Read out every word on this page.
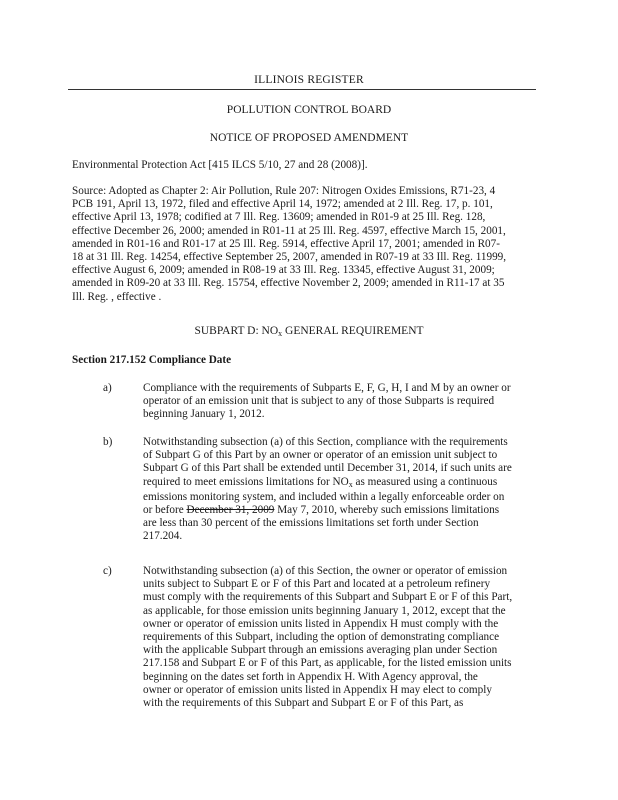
ILLINOIS REGISTER
POLLUTION CONTROL BOARD
NOTICE OF PROPOSED AMENDMENT
Environmental Protection Act [415 ILCS 5/10, 27 and 28 (2008)].
Source: Adopted as Chapter 2: Air Pollution, Rule 207: Nitrogen Oxides Emissions, R71-23, 4
PCB 191, April 13, 1972, filed and effective April 14, 1972; amended at 2 Ill. Reg. 17, p. 101,
effective April 13, 1978; codified at 7 Ill. Reg. 13609; amended in R01-9 at 25 Ill. Reg. 128,
effective December 26, 2000; amended in R01-11 at 25 Ill. Reg. 4597, effective March 15, 2001,
amended in R01-16 and R01-17 at 25 Ill. Reg. 5914, effective April 17, 2001; amended in R07-
18 at 31 Ill. Reg. 14254, effective September 25, 2007, amended in R07-19 at 33 Ill. Reg. 11999,
effective August 6, 2009; amended in R08-19 at 33 Ill. Reg. 13345, effective August 31, 2009;
amended in R09-20 at 33 Ill. Reg. 15754, effective November 2, 2009; amended in R11-17 at 35
Ill. Reg. , effective .
SUBPART D: $NO_x$ GENERAL REQUIREMENT
Section 217.152 Compliance Date
a)	Compliance with the requirements of Subparts E, F, G, H, I and M by an owner or
operator of an emission unit that is subject to any of those Subparts is required
beginning January 1, 2012.
b)	Notwithstanding subsection (a) of this Section, compliance with the requirements
of Subpart G of this Part by an owner or operator of an emission unit subject to
Subpart G of this Part shall be extended until December 31, 2014, if such units are
required to meet emissions limitations for $NO_x$ as measured using a continuous
emissions monitoring system, and included within a legally enforceable order on
or before December 31, 2009 May 7, 2010, whereby such emissions limitations
are less than 30 percent of the emissions limitations set forth under Section
217.204.
c)	Notwithstanding subsection (a) of this Section, the owner or operator of emission
units subject to Subpart E or F of this Part and located at a petroleum refinery
must comply with the requirements of this Subpart and Subpart E or F of this Part,
as applicable, for those emission units beginning January 1, 2012, except that the
owner or operator of emission units listed in Appendix H must comply with the
requirements of this Subpart, including the option of demonstrating compliance
with the applicable Subpart through an emissions averaging plan under Section
217.158 and Subpart E or F of this Part, as applicable, for the listed emission units
beginning on the dates set forth in Appendix H. With Agency approval, the
owner or operator of emission units listed in Appendix H may elect to comply
with the requirements of this Subpart and Subpart E or F of this Part, as
